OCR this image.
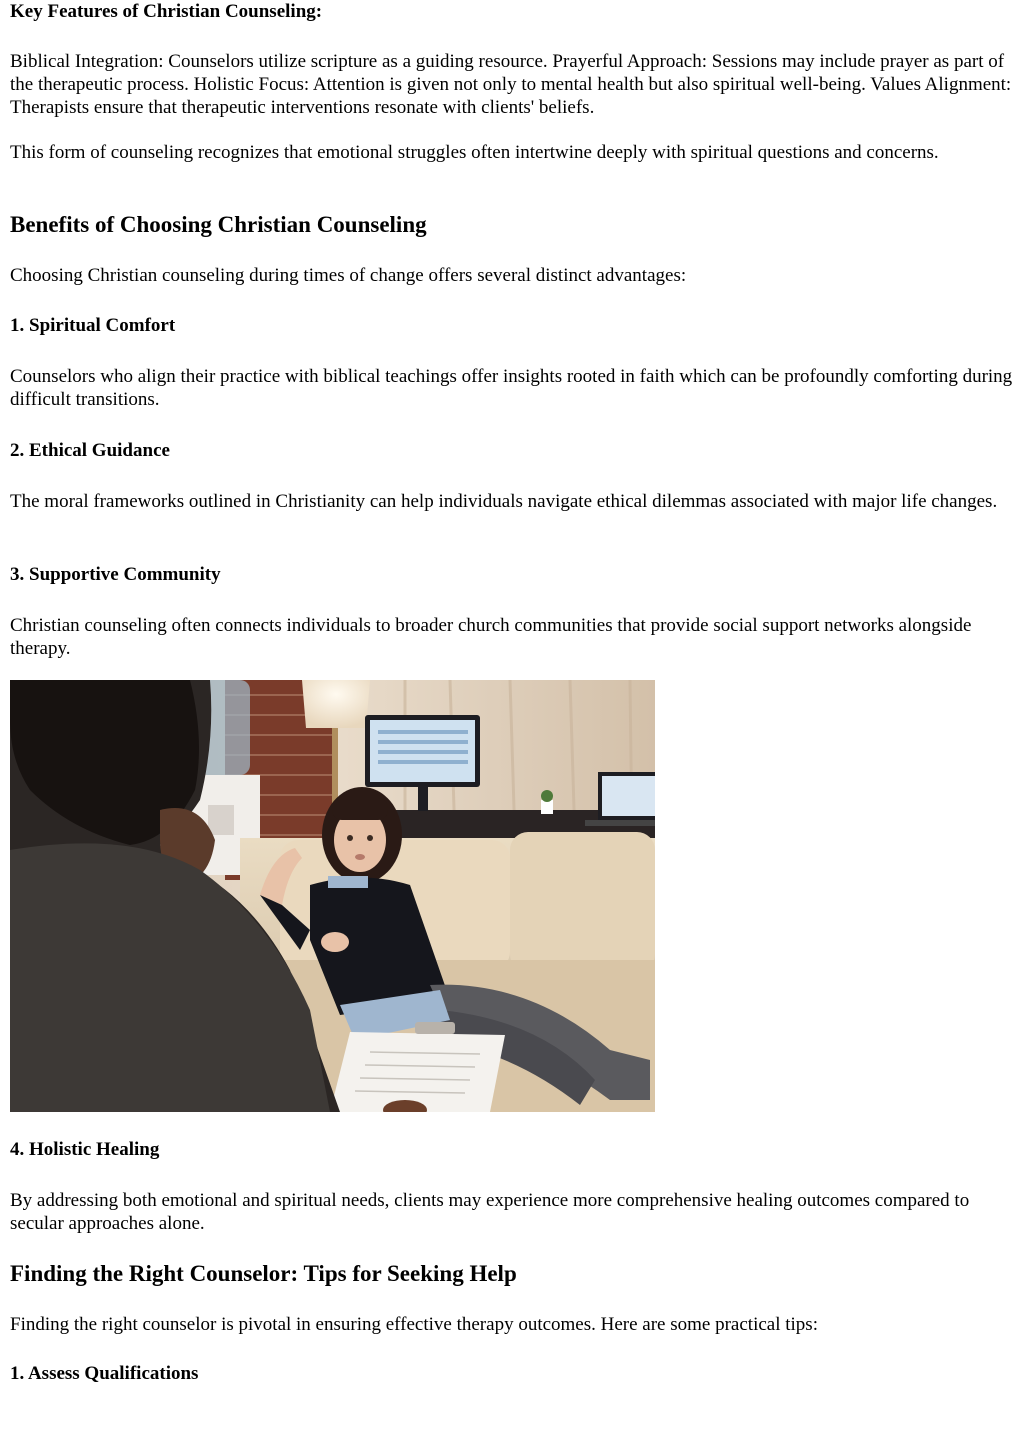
Key Features of Christian Counseling:
Biblical Integration: Counselors utilize scripture as a guiding resource. Prayerful Approach: Sessions may include prayer as part of the therapeutic process. Holistic Focus: Attention is given not only to mental health but also spiritual well-being. Values Alignment: Therapists ensure that therapeutic interventions resonate with clients' beliefs.
This form of counseling recognizes that emotional struggles often intertwine deeply with spiritual questions and concerns.
Benefits of Choosing Christian Counseling
Choosing Christian counseling during times of change offers several distinct advantages:
1. Spiritual Comfort
Counselors who align their practice with biblical teachings offer insights rooted in faith which can be profoundly comforting during difficult transitions.
2. Ethical Guidance
The moral frameworks outlined in Christianity can help individuals navigate ethical dilemmas associated with major life changes.
3. Supportive Community
Christian counseling often connects individuals to broader church communities that provide social support networks alongside therapy.
4. Holistic Healing
By addressing both emotional and spiritual needs, clients may experience more comprehensive healing outcomes compared to secular approaches alone.
Finding the Right Counselor: Tips for Seeking Help
Finding the right counselor is pivotal in ensuring effective therapy outcomes. Here are some practical tips:
1. Assess Qualifications
